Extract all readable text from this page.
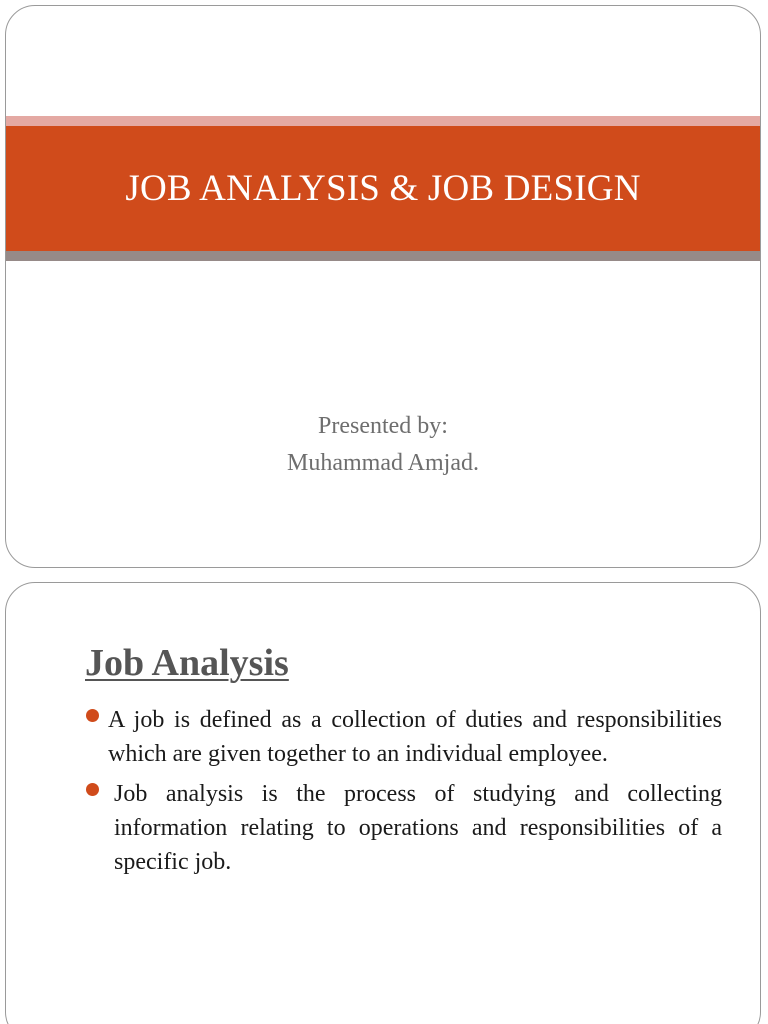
JOB ANALYSIS & JOB DESIGN
Presented by:
Muhammad Amjad.
Job Analysis
A job is defined as a collection of duties and responsibilities which are given together to an individual employee.
Job analysis is the process of studying and collecting information relating to operations and responsibilities of a specific job.
